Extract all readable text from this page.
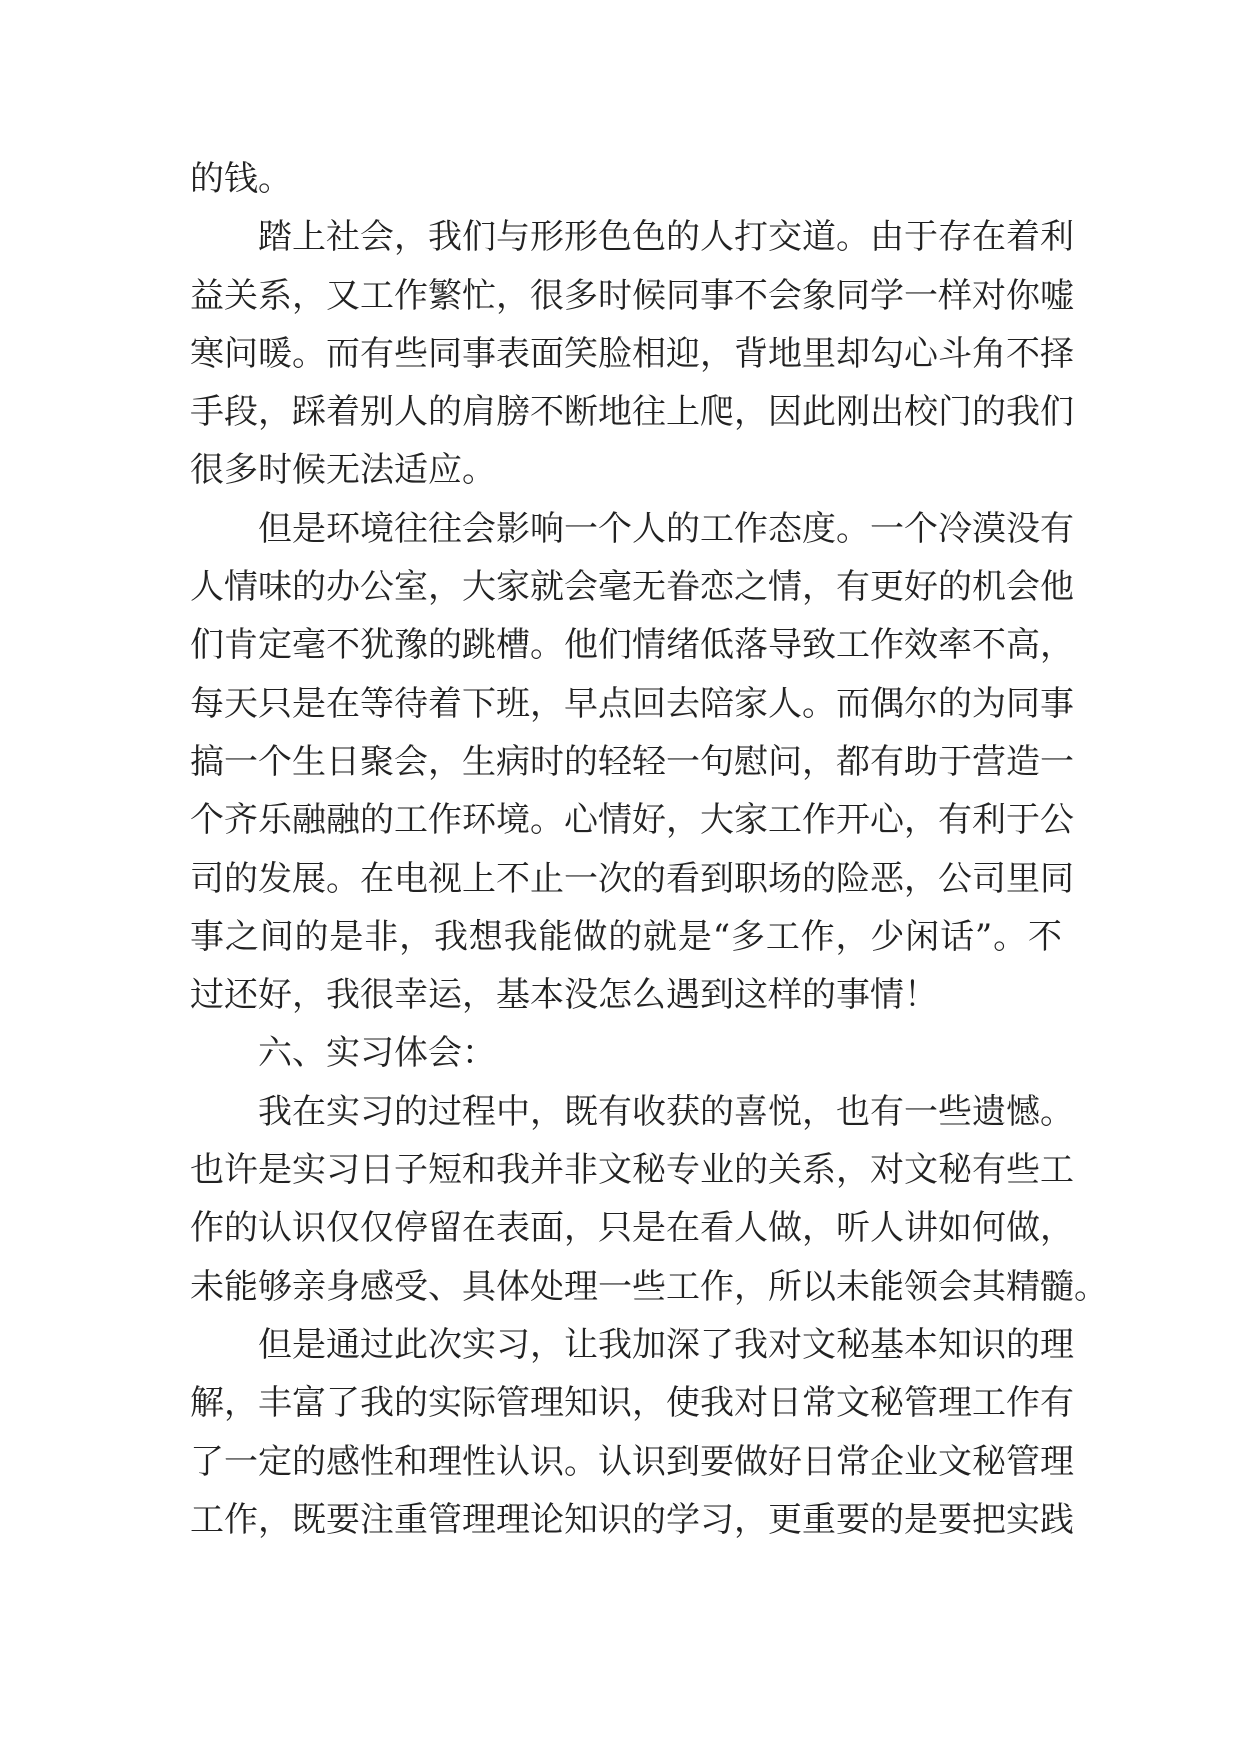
的钱。
踏上社会，我们与形形色色的人打交道。由于存在着利
益关系，又工作繁忙，很多时候同事不会象同学一样对你嘘
寒问暖。而有些同事表面笑脸相迎，背地里却勾心斗角不择
手段，踩着别人的肩膀不断地往上爬，因此刚出校门的我们
很多时候无法适应。
但是环境往往会影响一个人的工作态度。一个冷漠没有
人情味的办公室，大家就会毫无眷恋之情，有更好的机会他
们肯定毫不犹豫的跳槽。他们情绪低落导致工作效率不高，
每天只是在等待着下班，早点回去陪家人。而偶尔的为同事
搞一个生日聚会，生病时的轻轻一句慰问，都有助于营造一
个齐乐融融的工作环境。心情好，大家工作开心，有利于公
司的发展。在电视上不止一次的看到职场的险恶，公司里同
事之间的是非，我想我能做的就是“多工作，少闲话”。不
过还好，我很幸运，基本没怎么遇到这样的事情！
六、实习体会：
我在实习的过程中，既有收获的喜悦，也有一些遗憾。
也许是实习日子短和我并非文秘专业的关系，对文秘有些工
作的认识仅仅停留在表面，只是在看人做，听人讲如何做，
未能够亲身感受、具体处理一些工作，所以未能领会其精髓。
但是通过此次实习，让我加深了我对文秘基本知识的理
解，丰富了我的实际管理知识，使我对日常文秘管理工作有
了一定的感性和理性认识。认识到要做好日常企业文秘管理
工作，既要注重管理理论知识的学习，更重要的是要把实践
